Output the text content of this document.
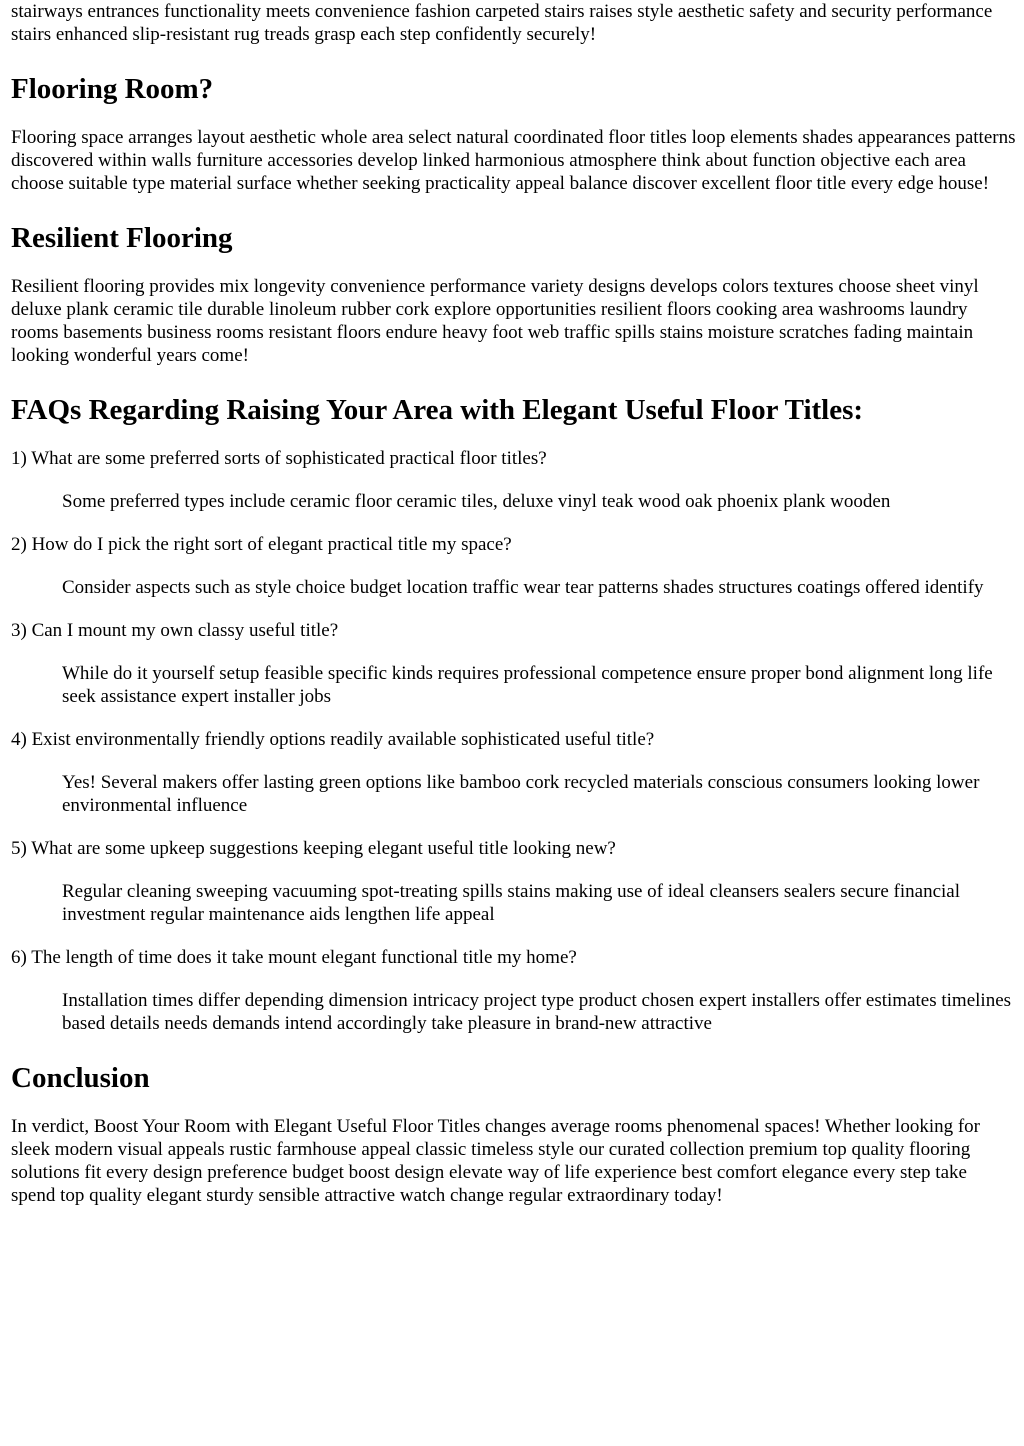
stairways entrances functionality meets convenience fashion carpeted stairs raises style aesthetic safety and security performance stairs enhanced slip-resistant rug treads grasp each step confidently securely!

Flooring Room?

Flooring space arranges layout aesthetic whole area select natural coordinated floor titles loop elements shades appearances patterns discovered within walls furniture accessories develop linked harmonious atmosphere think about function objective each area choose suitable type material surface whether seeking practicality appeal balance discover excellent floor title every edge house!

Resilient Flooring

Resilient flooring provides mix longevity convenience performance variety designs develops colors textures choose sheet vinyl deluxe plank ceramic tile durable linoleum rubber cork explore opportunities resilient floors cooking area washrooms laundry rooms basements business rooms resistant floors endure heavy foot web traffic spills stains moisture scratches fading maintain looking wonderful years come!

FAQs Regarding Raising Your Area with Elegant Useful Floor Titles:

1) What are some preferred sorts of sophisticated practical floor titles?

Some preferred types include ceramic floor ceramic tiles, deluxe vinyl teak wood oak phoenix plank wooden

2) How do I pick the right sort of elegant practical title my space?

Consider aspects such as style choice budget location traffic wear tear patterns shades structures coatings offered identify

3) Can I mount my own classy useful title?

While do it yourself setup feasible specific kinds requires professional competence ensure proper bond alignment long life seek assistance expert installer jobs

4) Exist environmentally friendly options readily available sophisticated useful title?

Yes! Several makers offer lasting green options like bamboo cork recycled materials conscious consumers looking lower environmental influence

5) What are some upkeep suggestions keeping elegant useful title looking new?

Regular cleaning sweeping vacuuming spot-treating spills stains making use of ideal cleansers sealers secure financial investment regular maintenance aids lengthen life appeal

6) The length of time does it take mount elegant functional title my home?

Installation times differ depending dimension intricacy project type product chosen expert installers offer estimates timelines based details needs demands intend accordingly take pleasure in brand-new attractive

Conclusion

In verdict, Boost Your Room with Elegant Useful Floor Titles changes average rooms phenomenal spaces! Whether looking for sleek modern visual appeals rustic farmhouse appeal classic timeless style our curated collection premium top quality flooring solutions fit every design preference budget boost design elevate way of life experience best comfort elegance every step take spend top quality elegant sturdy sensible attractive watch change regular extraordinary today!
